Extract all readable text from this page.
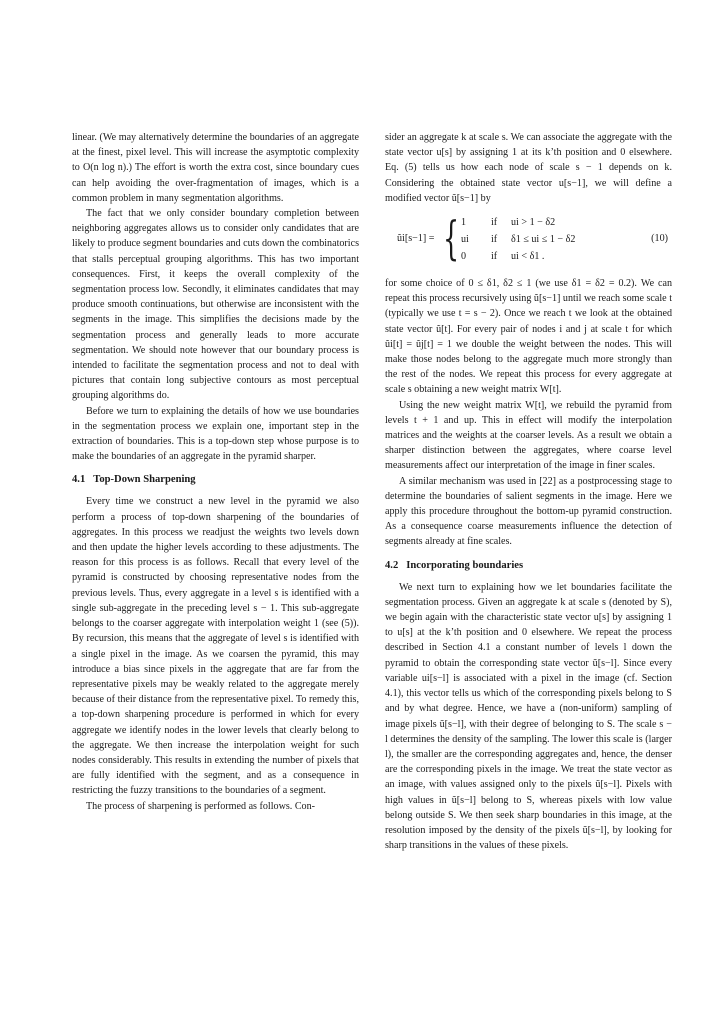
linear. (We may alternatively determine the boundaries of an aggregate at the finest, pixel level. This will increase the asymptotic complexity to O(n log n).) The effort is worth the extra cost, since boundary cues can help avoiding the over-fragmentation of images, which is a common problem in many segmentation algorithms.

The fact that we only consider boundary completion between neighboring aggregates allows us to consider only candidates that are likely to produce segment boundaries and cuts down the combinatorics that stalls perceptual grouping algorithms. This has two important consequences. First, it keeps the overall complexity of the segmentation process low. Secondly, it eliminates candidates that may produce smooth continuations, but otherwise are inconsistent with the segments in the image. This simplifies the decisions made by the segmentation process and generally leads to more accurate segmentation. We should note however that our boundary process is intended to facilitate the segmentation process and not to deal with pictures that contain long subjective contours as most perceptual grouping algorithms do.

Before we turn to explaining the details of how we use boundaries in the segmentation process we explain one, important step in the extraction of boundaries. This is a top-down step whose purpose is to make the boundaries of an aggregate in the pyramid sharper.

4.1 Top-Down Sharpening

Every time we construct a new level in the pyramid we also perform a process of top-down sharpening of the boundaries of aggregates. In this process we readjust the weights two levels down and then update the higher levels according to these adjustments. The reason for this process is as follows. Recall that every level of the pyramid is constructed by choosing representative nodes from the previous levels. Thus, every aggregate in a level s is identified with a single sub-aggregate in the preceding level s − 1. This sub-aggregate belongs to the coarser aggregate with interpolation weight 1 (see (5)). By recursion, this means that the aggregate of level s is identified with a single pixel in the image. As we coarsen the pyramid, this may introduce a bias since pixels in the aggregate that are far from the representative pixels may be weakly related to the aggregate merely because of their distance from the representative pixel. To remedy this, a top-down sharpening procedure is performed in which for every aggregate we identify nodes in the lower levels that clearly belong to the aggregate. We then increase the interpolation weight for such nodes considerably. This results in extending the number of pixels that are fully identified with the segment, and as a consequence in restricting the fuzzy transitions to the boundaries of a segment.

The process of sharpening is performed as follows. Con-

sider an aggregate k at scale s. We can associate the aggregate with the state vector u[s] by assigning 1 at its k’th position and 0 elsewhere. Eq. (5) tells us how each node of scale s − 1 depends on k. Considering the obtained state vector u[s−1], we will define a modified vector ũ[s−1] by

ũi[s−1] = { 1 if ui > 1 − δ2
ui if δ1 ≤ ui ≤ 1 − δ2
0 if ui < δ1 .
(10)

for some choice of 0 ≤ δ1, δ2 ≤ 1 (we use δ1 = δ2 = 0.2). We can repeat this process recursively using ũ[s−1] until we reach some scale t (typically we use t = s − 2). Once we reach t we look at the obtained state vector ũ[t]. For every pair of nodes i and j at scale t for which ũi[t] = ũj[t] = 1 we double the weight between the nodes. This will make those nodes belong to the aggregate much more strongly than the rest of the nodes. We repeat this process for every aggregate at scale s obtaining a new weight matrix W[t].

Using the new weight matrix W[t], we rebuild the pyramid from levels t + 1 and up. This in effect will modify the interpolation matrices and the weights at the coarser levels. As a result we obtain a sharper distinction between the aggregates, where coarse level measurements affect our interpretation of the image in finer scales.

A similar mechanism was used in [22] as a postprocessing stage to determine the boundaries of salient segments in the image. Here we apply this procedure throughout the bottom-up pyramid construction. As a consequence coarse measurements influence the detection of segments already at fine scales.

4.2 Incorporating boundaries

We next turn to explaining how we let boundaries facilitate the segmentation process. Given an aggregate k at scale s (denoted by S), we begin again with the characteristic state vector u[s] by assigning 1 to u[s] at the k’th position and 0 elsewhere. We repeat the process described in Section 4.1 a constant number of levels l down the pyramid to obtain the corresponding state vector ũ[s−l]. Since every variable ui[s−l] is associated with a pixel in the image (cf. Section 4.1), this vector tells us which of the corresponding pixels belong to S and by what degree. Hence, we have a (non-uniform) sampling of image pixels ũ[s−l], with their degree of belonging to S. The scale s − l determines the density of the sampling. The lower this scale is (larger l), the smaller are the corresponding aggregates and, hence, the denser are the corresponding pixels in the image. We treat the state vector as an image, with values assigned only to the pixels ũ[s−l]. Pixels with high values in ũ[s−l] belong to S, whereas pixels with low value belong outside S. We then seek sharp boundaries in this image, at the resolution imposed by the density of the pixels ũ[s−l], by looking for sharp transitions in the values of these pixels.
